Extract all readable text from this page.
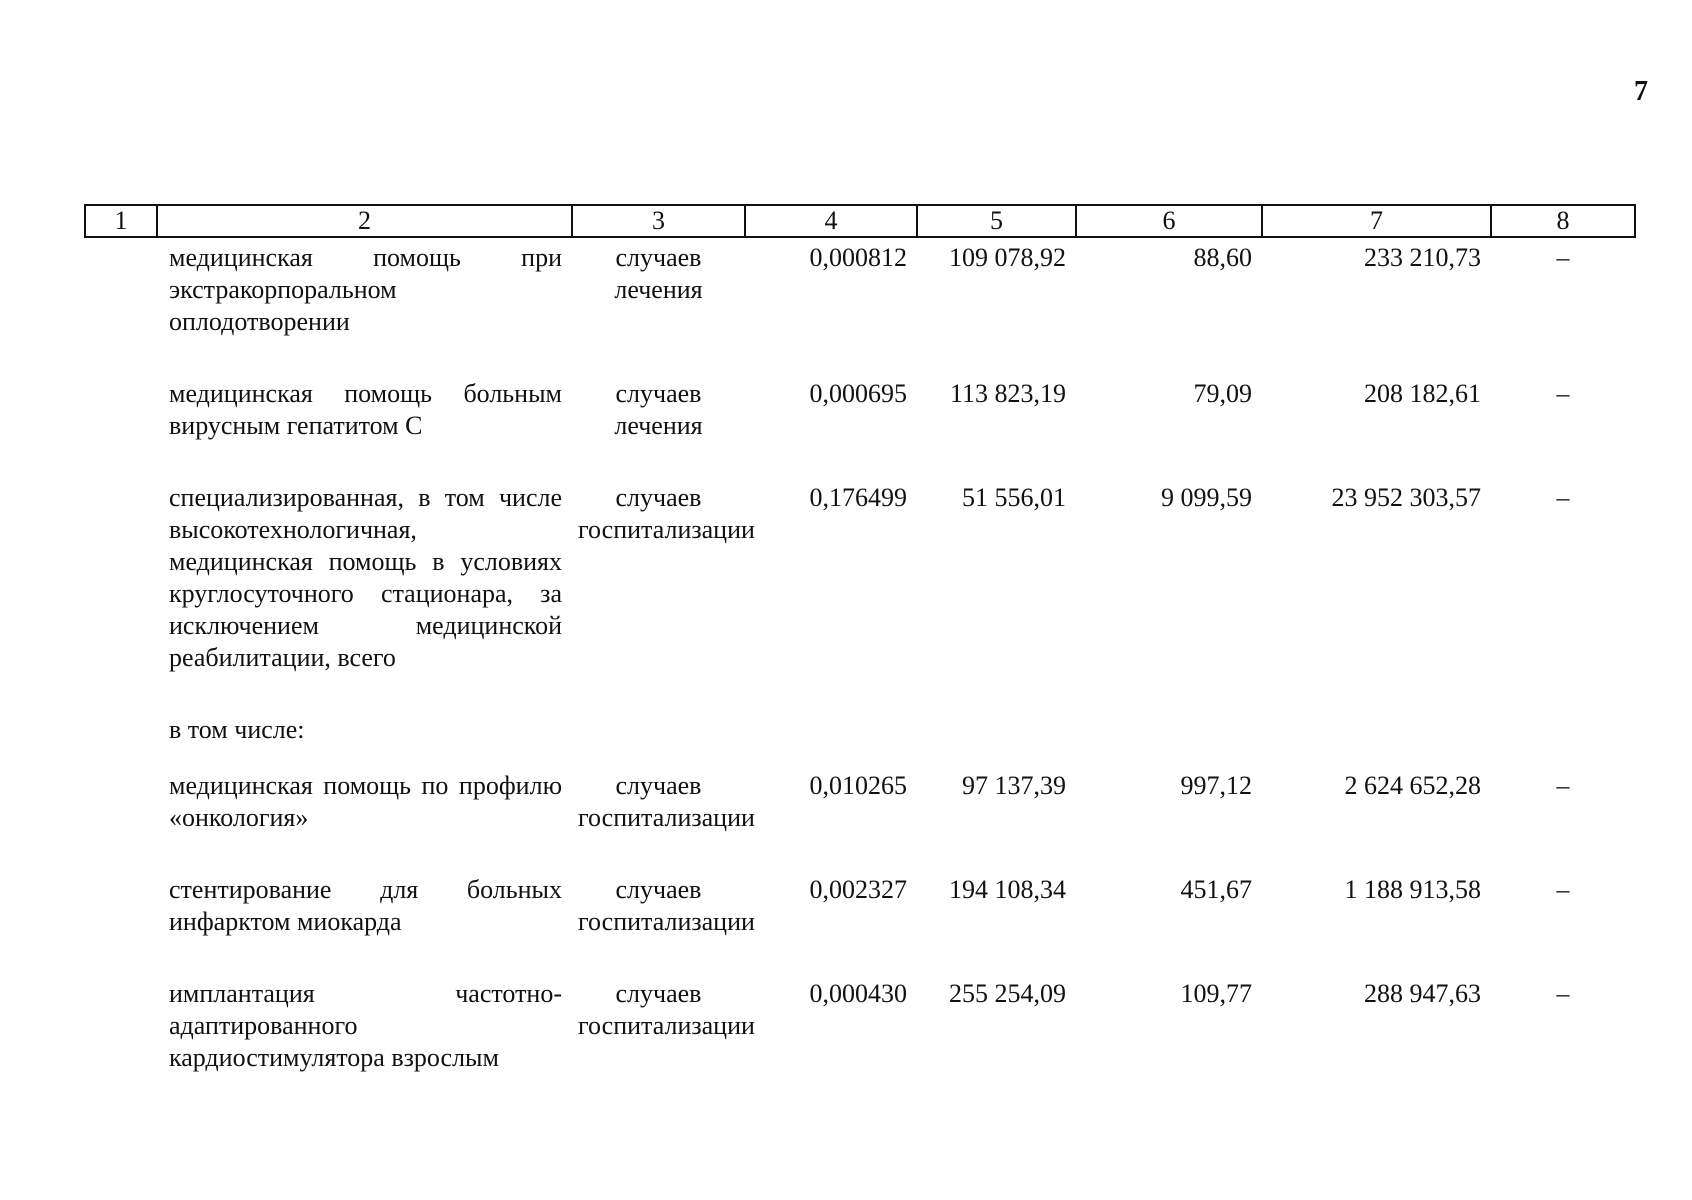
7
1	2	3	4	5	6	7	8
	медицинская помощь при экстракорпоральном оплодотворении	случаев лечения	0,000812	109 078,92	88,60	233 210,73	–
	медицинская помощь больным вирусным гепатитом С	случаев лечения	0,000695	113 823,19	79,09	208 182,61	–
	специализированная, в том числе высокотехнологичная, медицинская помощь в условиях круглосуточного стационара, за исключением медицинской реабилитации, всего	случаев госпитализации	0,176499	51 556,01	9 099,59	23 952 303,57	–
	в том числе:						
	медицинская помощь по профилю «онкология»	случаев госпитализации	0,010265	97 137,39	997,12	2 624 652,28	–
	стентирование для больных инфарктом миокарда	случаев госпитализации	0,002327	194 108,34	451,67	1 188 913,58	–
	имплантация частотно-адаптированного кардиостимулятора взрослым	случаев госпитализации	0,000430	255 254,09	109,77	288 947,63	–
